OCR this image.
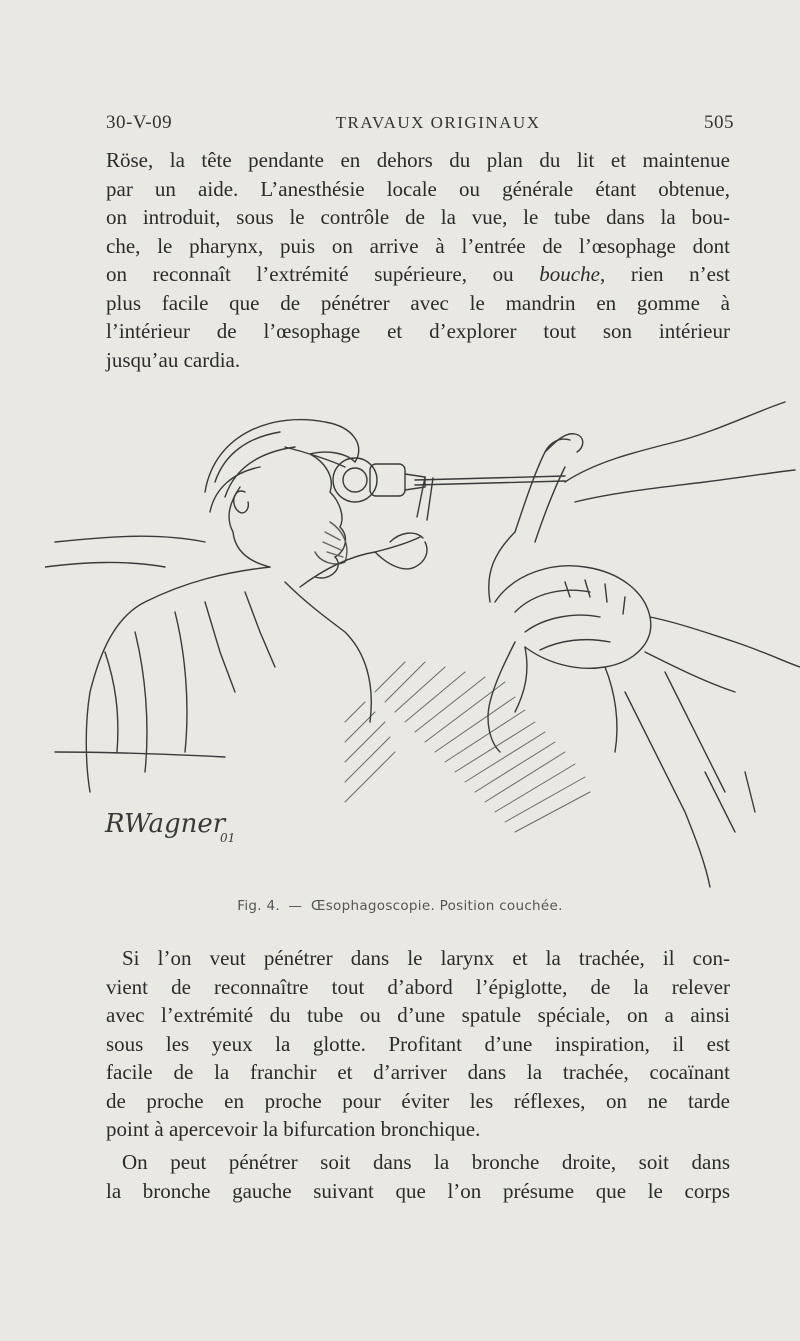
30-V-09	TRAVAUX ORIGINAUX	505
Röse, la tête pendante en dehors du plan du lit et maintenue
par un aide. L’anesthésie locale ou générale étant obtenue,
on introduit, sous le contrôle de la vue, le tube dans la bou-
che, le pharynx, puis on arrive à l’entrée de l’œsophage dont
on reconnaît l’extrémité supérieure, ou bouche, rien n’est
plus facile que de pénétrer avec le mandrin en gomme à
l’intérieur de l’œsophage et d’explorer tout son intérieur
jusqu’au cardia.
RWagner
01
Fig. 4. — Œsophagoscopie. Position couchée.
Si l’on veut pénétrer dans le larynx et la trachée, il con-
vient de reconnaître tout d’abord l’épiglotte, de la relever
avec l’extrémité du tube ou d’une spatule spéciale, on a ainsi
sous les yeux la glotte. Profitant d’une inspiration, il est
facile de la franchir et d’arriver dans la trachée, cocaïnant
de proche en proche pour éviter les réflexes, on ne tarde
point à apercevoir la bifurcation bronchique.
On peut pénétrer soit dans la bronche droite, soit dans
la bronche gauche suivant que l’on présume que le corps
